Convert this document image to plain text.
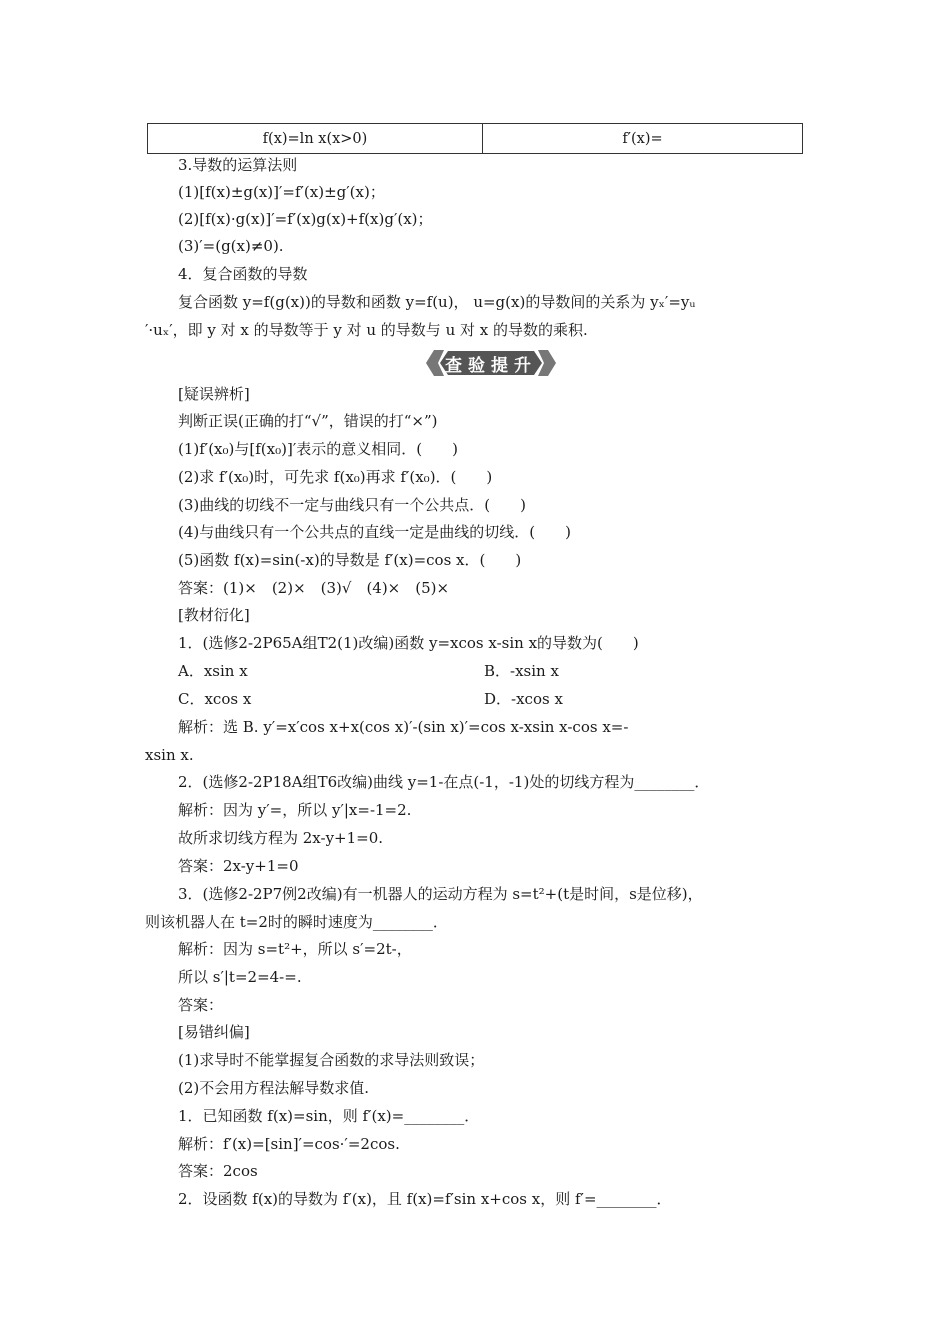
f(x)=ln x(x>0)	f′(x)=
3.导数的运算法则
(1)[f(x)±g(x)]′=f′(x)±g′(x)；
(2)[f(x)·g(x)]′=f′(x)g(x)+f(x)g′(x)；
(3)′=(g(x)≠0).
4．复合函数的导数
复合函数 y=f(g(x))的导数和函数 y=f(u)， u=g(x)的导数间的关系为 yₓ′=yᵤ
′·uₓ′，即 y 对 x 的导数等于 y 对 u 的导数与 u 对 x 的导数的乘积.
查验提升
[疑误辨析]
判断正误(正确的打“√”，错误的打“×”)
(1)f′(x₀)与[f(x₀)]′表示的意义相同．(　　)
(2)求 f′(x₀)时，可先求 f(x₀)再求 f′(x₀)．(　　)
(3)曲线的切线不一定与曲线只有一个公共点．(　　)
(4)与曲线只有一个公共点的直线一定是曲线的切线．(　　)
(5)函数 f(x)=sin(-x)的导数是 f′(x)=cos x．(　　)
答案：(1)×　(2)×　(3)√　(4)×　(5)×
[教材衍化]
1．(选修2-2P65A组T2(1)改编)函数 y=xcos x-sin x的导数为(　　)
A．xsin x	B．-xsin x
C．xcos x	D．-xcos x
解析：选 B. y′=x′cos x+x(cos x)′-(sin x)′=cos x-xsin x-cos x=-
xsin x.
2．(选修2-2P18A组T6改编)曲线 y=1-在点(-1，-1)处的切线方程为________．
解析：因为 y′=，所以 y′|x=-1=2.
故所求切线方程为 2x-y+1=0.
答案：2x-y+1=0
3．(选修2-2P7例2改编)有一机器人的运动方程为 s=t²+(t是时间，s是位移)，
则该机器人在 t=2时的瞬时速度为________．
解析：因为 s=t²+，所以 s′=2t-，
所以 s′|t=2=4-=.
答案：
[易错纠偏]
(1)求导时不能掌握复合函数的求导法则致误；
(2)不会用方程法解导数求值.
1．已知函数 f(x)=sin，则 f′(x)=________．
解析：f′(x)=[sin]′=cos·′=2cos.
答案：2cos
2．设函数 f(x)的导数为 f′(x)，且 f(x)=f′sin x+cos x，则 f′=________．
